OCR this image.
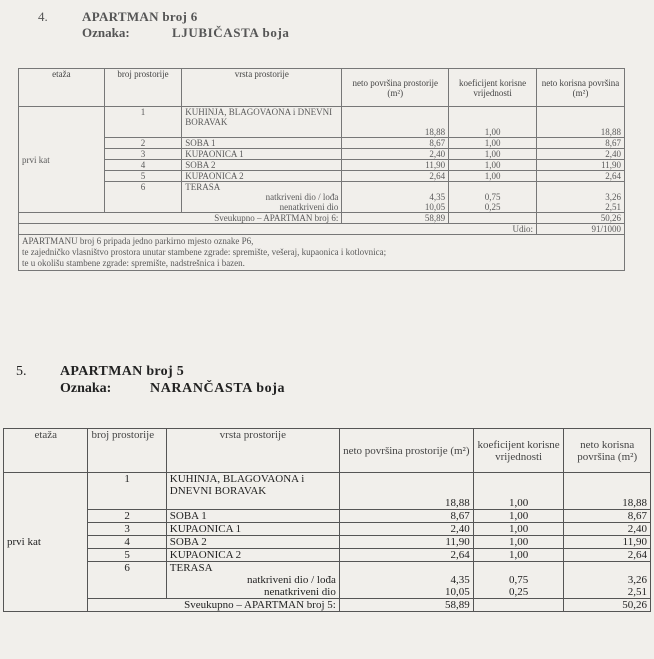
4.	APARTMAN broj 6
Oznaka:	LJUBIČASTA boja
etaža	broj prostorije	vrsta prostorije	neto površina prostorije (m²)	koeficijent korisne vrijednosti	neto korisna površina (m²)
prvi kat	1	KUHINJA, BLAGOVAONA i DNEVNI BORAVAK	18,88	1,00	18,88
	2	SOBA 1	8,67	1,00	8,67
	3	KUPAONICA 1	2,40	1,00	2,40
	4	SOBA 2	11,90	1,00	11,90
	5	KUPAONICA 2	2,64	1,00	2,64
	6	TERASA			
		natkriveni dio / lođa	4,35	0,75	3,26
		nenatkriveni dio	10,05	0,25	2,51
Sveukupno – APARTMAN broj 6:			58,89		50,26
				Udio:	91/1000

APARTMANU broj 6 pripada jedno parkirno mjesto oznake P6,
te zajedničko vlasništvo prostora unutar stambene zgrade: spremište, vešeraj, kupaonica i kotlovnica;
te u okolišu stambene zgrade: spremište, nadstrešnica i bazen.					
5. APARTMAN broj 5
Oznaka:	NARANČASTA boja
etaža	broj prostorije	vrsta prostorije	neto površina prostorije (m²)	koeficijent korisne vrijednosti	neto korisna površina (m²)
prvi kat	1	KUHINJA, BLAGOVAONA i DNEVNI BORAVAK	18,88	1,00	18,88
	2	SOBA 1	8,67	1,00	8,67
	3	KUPAONICA 1	2,40	1,00	2,40
	4	SOBA 2	11,90	1,00	11,90
	5	KUPAONICA 2	2,64	1,00	2,64
	6	TERASA			
		natkriveni dio / lođa	4,35	0,75	3,26
		nenatkriveni dio	10,05	0,25	2,51
	Sveukupno – APARTMAN broj 5:		58,89		50,26
